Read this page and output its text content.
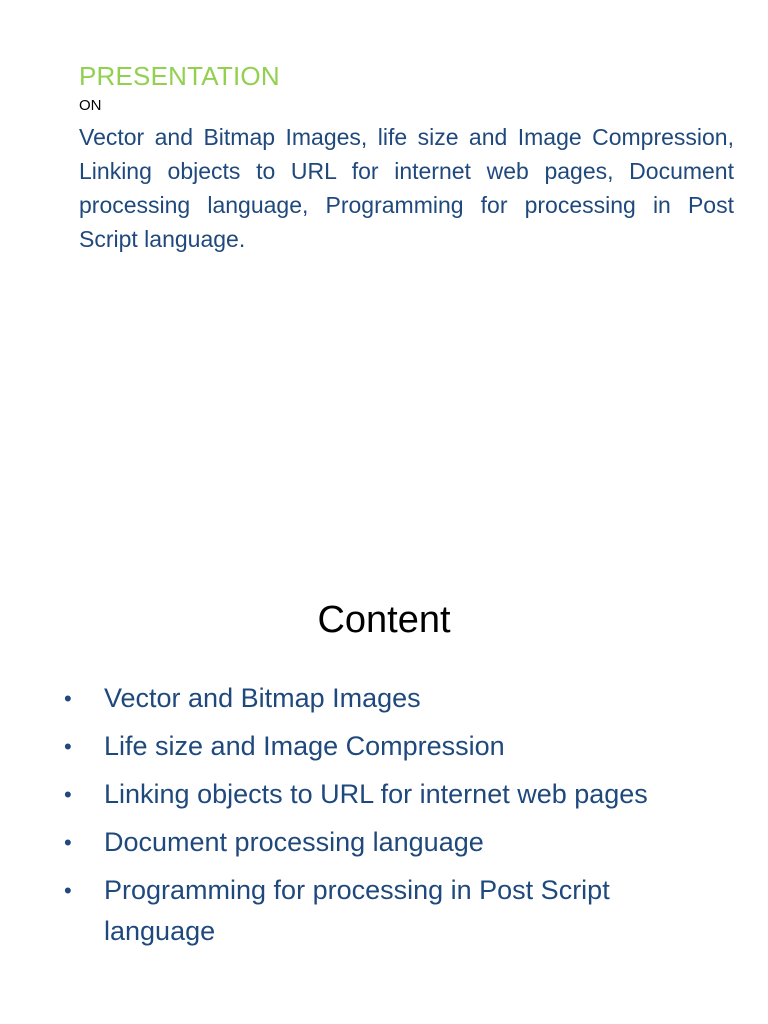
PRESENTATION
ON

Vector and Bitmap Images, life size and Image Compression, Linking objects to URL for internet web pages, Document processing language, Programming for processing in Post Script language.

Content
•	Vector and Bitmap Images
•	Life size and Image Compression
•	Linking objects to URL for internet web pages
•	Document processing language
•	Programming for processing in Post Script language
